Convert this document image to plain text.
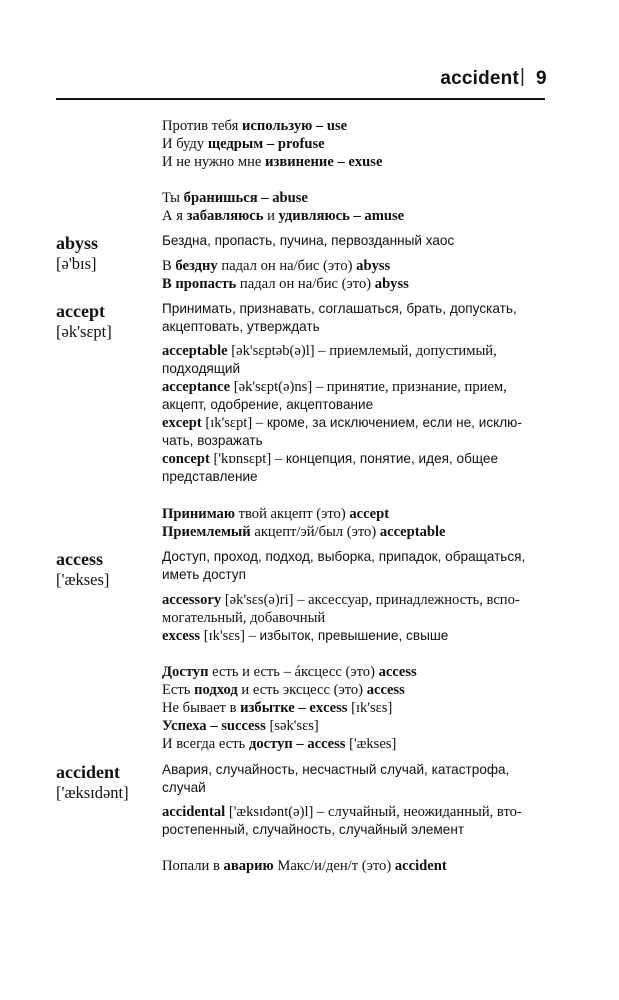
accident | 9
Против тебя использую – use
И буду щедрым – profuse
И не нужно мне извинение – exuse
Ты бранишься – abuse
А я забавляюсь и удивляюсь – amuse
abyss
[ə'bɪs]
Бездна, пропасть, пучина, первозданный хаос
В бездну падал он на/бис (это) abyss
В пропасть падал он на/бис (это) abyss
accept
[ək'sɛpt]
Принимать, признавать, соглашаться, брать, допускать,
акцептовать, утверждать
acceptable [ək'sɛptəb(ə)l] – приемлемый, допустимый,
подходящий
acceptance [ək'sɛpt(ə)ns] – принятие, признание, прием,
акцепт, одобрение, акцептование
except [ɪk'sɛpt] – кроме, за исключением, если не, исклю-
чать, возражать
concept ['kɒnsɛpt] – концепция, понятие, идея, общее
представление
Принимаю твой акцепт (это) accept
Приемлемый акцепт/эй/был (это) acceptable
access
['ækses]
Доступ, проход, подход, выборка, припадок, обращаться,
иметь доступ
accessory [ək'sɛs(ə)ri] – аксессуар, принадлежность, вспо-
могательный, добавочный
excess [ɪk'sɛs] – избыток, превышение, свыше
Доступ есть и есть – áксцесс (это) access
Есть подход и есть эксцесс (это) access
Не бывает в избытке – excess [ɪk'sɛs]
Успеха – success [sək'sɛs]
И всегда есть доступ – access ['ækses]
accident
['æksɪdənt]
Авария, случайность, несчастный случай, катастрофа,
случай
accidental ['æksɪdənt(ə)l] – случайный, неожиданный, вто-
ростепенный, случайность, случайный элемент
Попали в аварию Макс/и/ден/т (это) accident
